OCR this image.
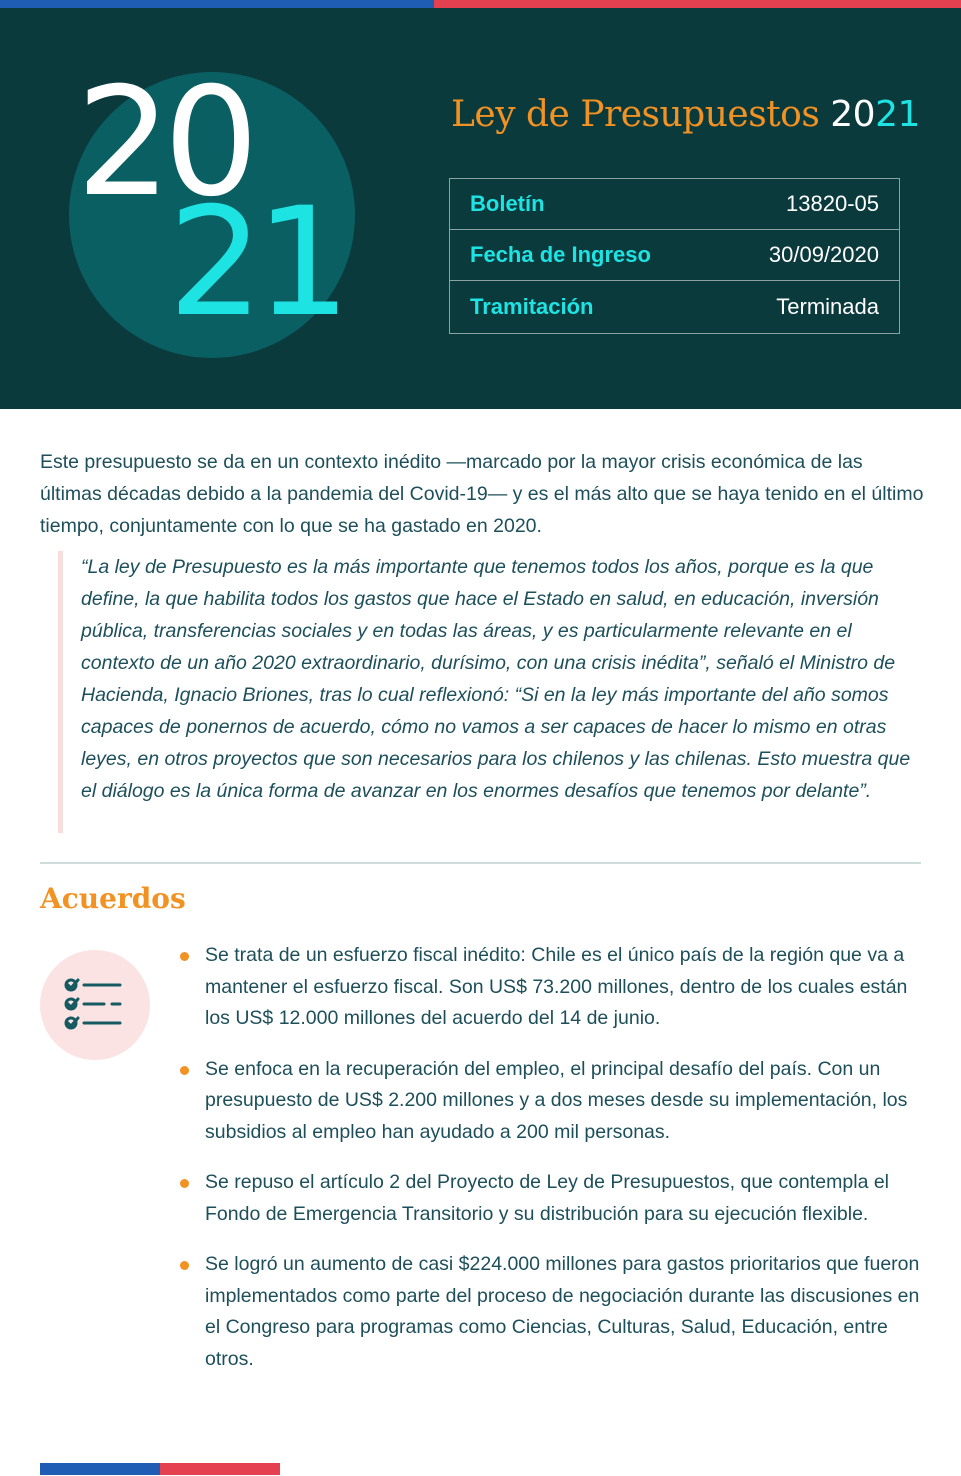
20
21
Ley de Presupuestos 2021
Boletín	13820-05
Fecha de Ingreso	30/09/2020
Tramitación	Terminada

Este presupuesto se da en un contexto inédito —marcado por la mayor crisis económica de las últimas décadas debido a la pandemia del Covid-19— y es el más alto que se haya tenido en el último tiempo, conjuntamente con lo que se ha gastado en 2020.

“La ley de Presupuesto es la más importante que tenemos todos los años, porque es la que define, la que habilita todos los gastos que hace el Estado en salud, en educación, inversión pública, transferencias sociales y en todas las áreas, y es particularmente relevante en el contexto de un año 2020 extraordinario, durísimo, con una crisis inédita”, señaló el Ministro de Hacienda, Ignacio Briones, tras lo cual reflexionó: “Si en la ley más importante del año somos capaces de ponernos de acuerdo, cómo no vamos a ser capaces de hacer lo mismo en otras leyes, en otros proyectos que son necesarios para los chilenos y las chilenas. Esto muestra que el diálogo es la única forma de avanzar en los enormes desafíos que tenemos por delante”.
Acuerdos
Se trata de un esfuerzo fiscal inédito: Chile es el único país de la región que va a mantener el esfuerzo fiscal. Son US$ 73.200 millones, dentro de los cuales están los US$ 12.000 millones del acuerdo del 14 de junio.
Se enfoca en la recuperación del empleo, el principal desafío del país. Con un presupuesto de US$ 2.200 millones y a dos meses desde su implementación, los subsidios al empleo han ayudado a 200 mil personas.
Se repuso el artículo 2 del Proyecto de Ley de Presupuestos, que contempla el Fondo de Emergencia Transitorio y su distribución para su ejecución flexible.
Se logró un aumento de casi $224.000 millones para gastos prioritarios que fueron implementados como parte del proceso de negociación durante las discusiones en el Congreso para programas como Ciencias, Culturas, Salud, Educación, entre otros.
